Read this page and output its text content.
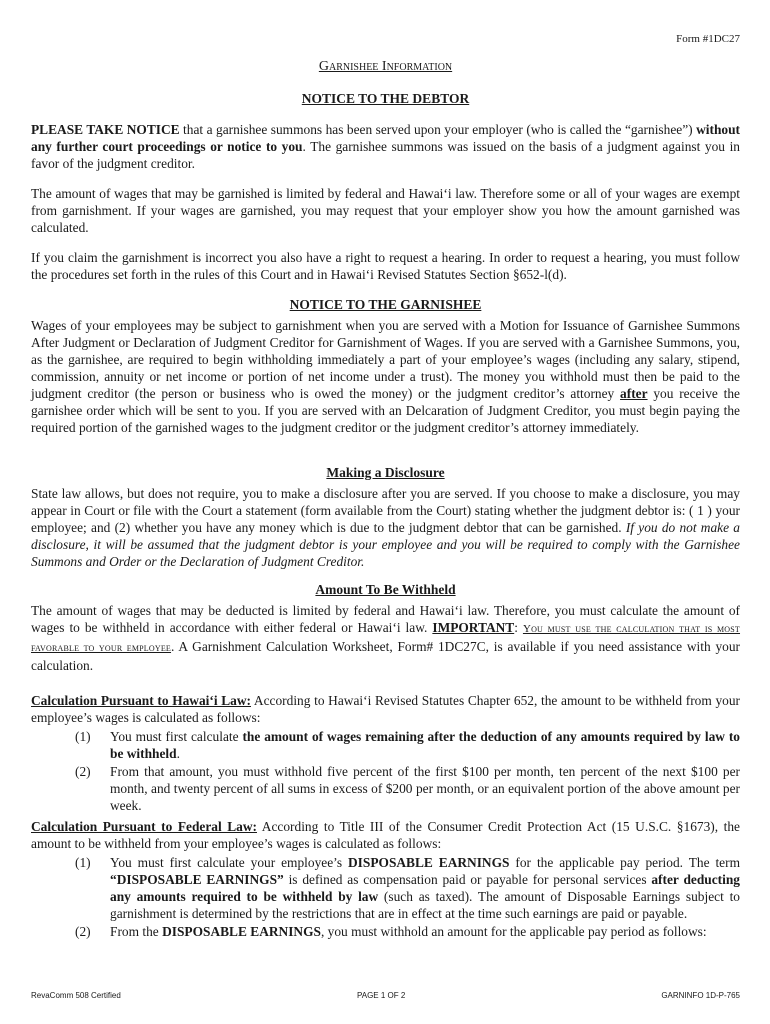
Form #1DC27
Garnishee Information
NOTICE TO THE DEBTOR

PLEASE TAKE NOTICE that a garnishee summons has been served upon your employer (who is called the “garnishee”) without any further court proceedings or notice to you. The garnishee summons was issued on the basis of a judgment against you in favor of the judgment creditor.

The amount of wages that may be garnished is limited by federal and Hawai‘i law. Therefore some or all of your wages are exempt from garnishment. If your wages are garnished, you may request that your employer show you how the amount garnished was calculated.

If you claim the garnishment is incorrect you also have a right to request a hearing. In order to request a hearing, you must follow the procedures set forth in the rules of this Court and in Hawai‘i Revised Statutes Section §652-l(d).

NOTICE TO THE GARNISHEE

Wages of your employees may be subject to garnishment when you are served with a Motion for Issuance of Garnishee Summons After Judgment or Declaration of Judgment Creditor for Garnishment of Wages. If you are served with a Garnishee Summons, you, as the garnishee, are required to begin withholding immediately a part of your employee’s wages (including any salary, stipend, commission, annuity or net income or portion of net income under a trust). The money you withhold must then be paid to the judgment creditor (the person or business who is owed the money) or the judgment creditor’s attorney after you receive the garnishee order which will be sent to you. If you are served with an Delcaration of Judgment Creditor, you must begin paying the required portion of the garnished wages to the judgment creditor or the judgment creditor’s attorney immediately.

Making a Disclosure

State law allows, but does not require, you to make a disclosure after you are served. If you choose to make a disclosure, you may appear in Court or file with the Court a statement (form available from the Court) stating whether the judgment debtor is: ( 1 ) your employee; and (2) whether you have any money which is due to the judgment debtor that can be garnished. If you do not make a disclosure, it will be assumed that the judgment debtor is your employee and you will be required to comply with the Garnishee Summons and Order or the Declaration of Judgment Creditor.

Amount To Be Withheld

The amount of wages that may be deducted is limited by federal and Hawai‘i law. Therefore, you must calculate the amount of wages to be withheld in accordance with either federal or Hawai‘i law. IMPORTANT: You must use the calculation that is most favorable to your employee. A Garnishment Calculation Worksheet, Form# 1DC27C, is available if you need assistance with your calculation.

Calculation Pursuant to Hawai‘i Law: According to Hawai‘i Revised Statutes Chapter 652, the amount to be withheld from your employee’s wages is calculated as follows:

(1) You must first calculate the amount of wages remaining after the deduction of any amounts required by law to be withheld.

(2) From that amount, you must withhold five percent of the first $100 per month, ten percent of the next $100 per month, and twenty percent of all sums in excess of $200 per month, or an equivalent portion of the above amount per week.

Calculation Pursuant to Federal Law: According to Title III of the Consumer Credit Protection Act (15 U.S.C. §1673), the amount to be withheld from your employee’s wages is calculated as follows:

(1) You must first calculate your employee’s DISPOSABLE EARNINGS for the applicable pay period. The term “DISPOSABLE EARNINGS” is defined as compensation paid or payable for personal services after deducting any amounts required to be withheld by law (such as taxed). The amount of Disposable Earnings subject to garnishment is determined by the restrictions that are in effect at the time such earnings are paid or payable.

(2) From the DISPOSABLE EARNINGS, you must withhold an amount for the applicable pay period as follows:

RevaComm 508 Certified	PAGE 1 OF 2	GARNINFO 1D-P-765
